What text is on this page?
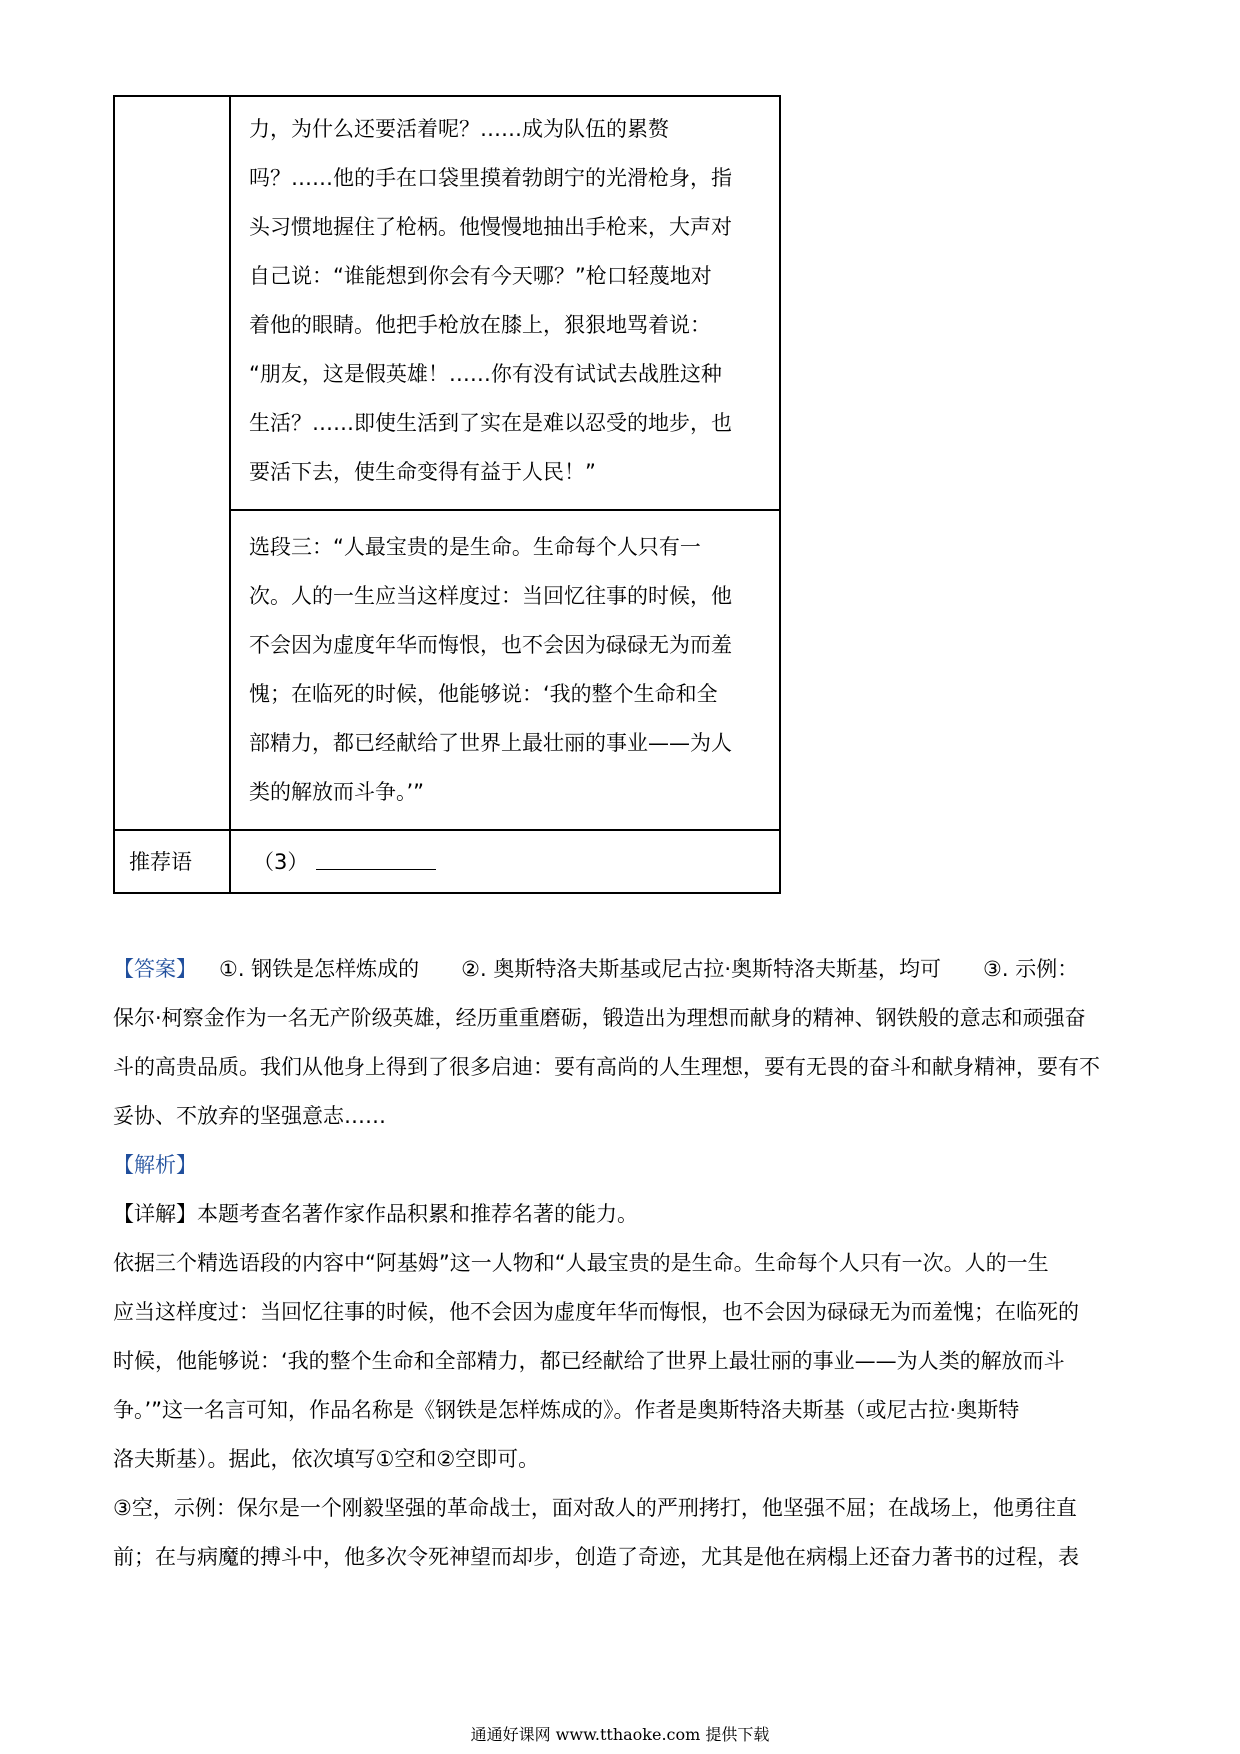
力，为什么还要活着呢？……成为队伍的累赘
吗？……他的手在口袋里摸着勃朗宁的光滑枪身，指
头习惯地握住了枪柄。他慢慢地抽出手枪来，大声对
自己说：“谁能想到你会有今天哪？”枪口轻蔑地对
着他的眼睛。他把手枪放在膝上，狠狠地骂着说：
“朋友，这是假英雄！……你有没有试试去战胜这种
生活？……即使生活到了实在是难以忍受的地步，也
要活下去，使生命变得有益于人民！”
选段三：“人最宝贵的是生命。生命每个人只有一
次。人的一生应当这样度过：当回忆往事的时候，他
不会因为虚度年华而悔恨，也不会因为碌碌无为而羞
愧；在临死的时候，他能够说：‘我的整个生命和全
部精力，都已经献给了世界上最壮丽的事业——为人
类的解放而斗争。’”
推荐语	（3）

【答案】 ①. 钢铁是怎样炼成的　　②. 奥斯特洛夫斯基或尼古拉·奥斯特洛夫斯基，均可　　③. 示例：

保尔·柯察金作为一名无产阶级英雄，经历重重磨砺，锻造出为理想而献身的精神、钢铁般的意志和顽强奋

斗的高贵品质。我们从他身上得到了很多启迪：要有高尚的人生理想，要有无畏的奋斗和献身精神，要有不

妥协、不放弃的坚强意志……

【解析】

【详解】本题考查名著作家作品积累和推荐名著的能力。

依据三个精选语段的内容中“阿基姆”这一人物和“人最宝贵的是生命。生命每个人只有一次。人的一生

应当这样度过：当回忆往事的时候，他不会因为虚度年华而悔恨，也不会因为碌碌无为而羞愧；在临死的

时候，他能够说：‘我的整个生命和全部精力，都已经献给了世界上最壮丽的事业——为人类的解放而斗

争。’”这一名言可知，作品名称是《钢铁是怎样炼成的》。作者是奥斯特洛夫斯基（或尼古拉·奥斯特

洛夫斯基）。据此，依次填写①空和②空即可。

③空，示例：保尔是一个刚毅坚强的革命战士，面对敌人的严刑拷打，他坚强不屈；在战场上，他勇往直

前；在与病魔的搏斗中，他多次令死神望而却步，创造了奇迹，尤其是他在病榻上还奋力著书的过程，表

通通好课网 www.tthaoke.com 提供下载
